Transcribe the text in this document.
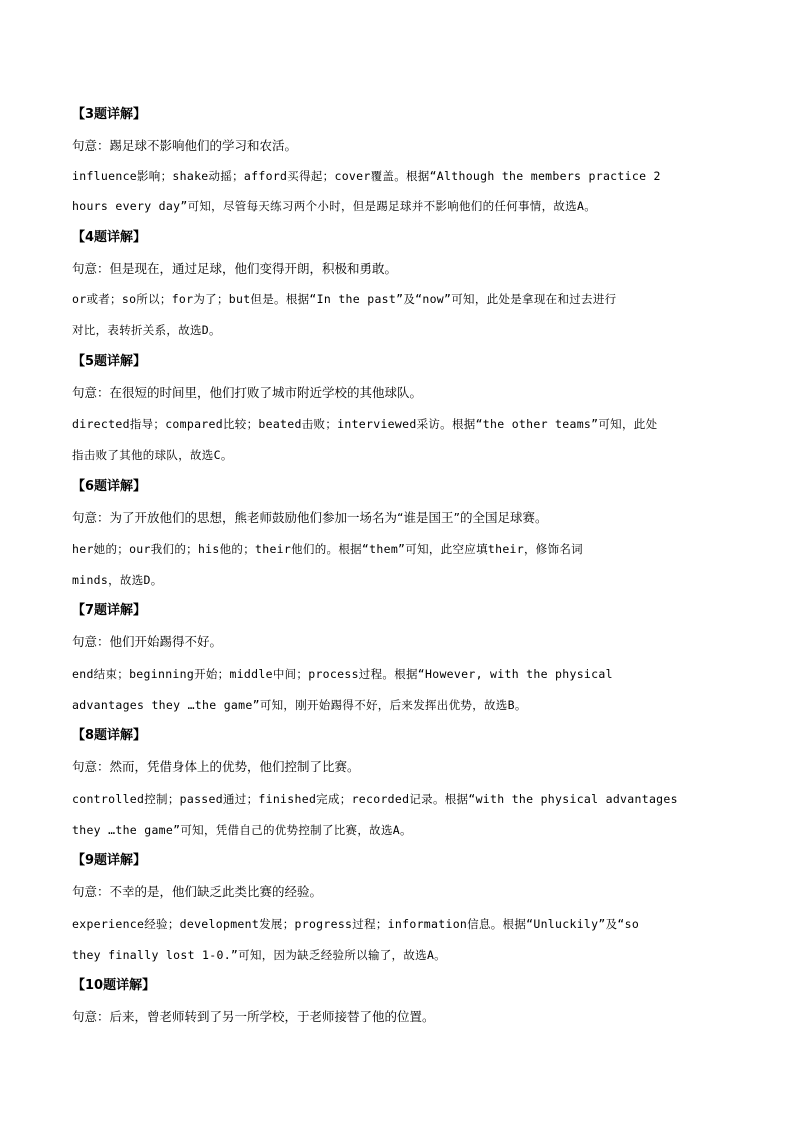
【3题详解】
句意：踢足球不影响他们的学习和农活。
influence影响；shake动摇；afford买得起；cover覆盖。根据“Although the members practice 2
hours every day”可知，尽管每天练习两个小时，但是踢足球并不影响他们的任何事情，故选A。
【4题详解】
句意：但是现在，通过足球，他们变得开朗，积极和勇敢。
or或者；so所以；for为了；but但是。根据“In the past”及“now”可知，此处是拿现在和过去进行
对比，表转折关系，故选D。
【5题详解】
句意：在很短的时间里，他们打败了城市附近学校的其他球队。
directed指导；compared比较；beated击败；interviewed采访。根据“the other teams”可知，此处
指击败了其他的球队，故选C。
【6题详解】
句意：为了开放他们的思想，熊老师鼓励他们参加一场名为“谁是国王”的全国足球赛。
her她的；our我们的；his他的；their他们的。根据“them”可知，此空应填their，修饰名词
minds，故选D。
【7题详解】
句意：他们开始踢得不好。
end结束；beginning开始；middle中间；process过程。根据“However, with the physical
advantages they …the game”可知，刚开始踢得不好，后来发挥出优势，故选B。
【8题详解】
句意：然而，凭借身体上的优势，他们控制了比赛。
controlled控制；passed通过；finished完成；recorded记录。根据“with the physical advantages
they …the game”可知，凭借自己的优势控制了比赛，故选A。
【9题详解】
句意：不幸的是，他们缺乏此类比赛的经验。
experience经验；development发展；progress过程；information信息。根据“Unluckily”及“so
they finally lost 1-0.”可知，因为缺乏经验所以输了，故选A。
【10题详解】
句意：后来，曾老师转到了另一所学校，于老师接替了他的位置。
